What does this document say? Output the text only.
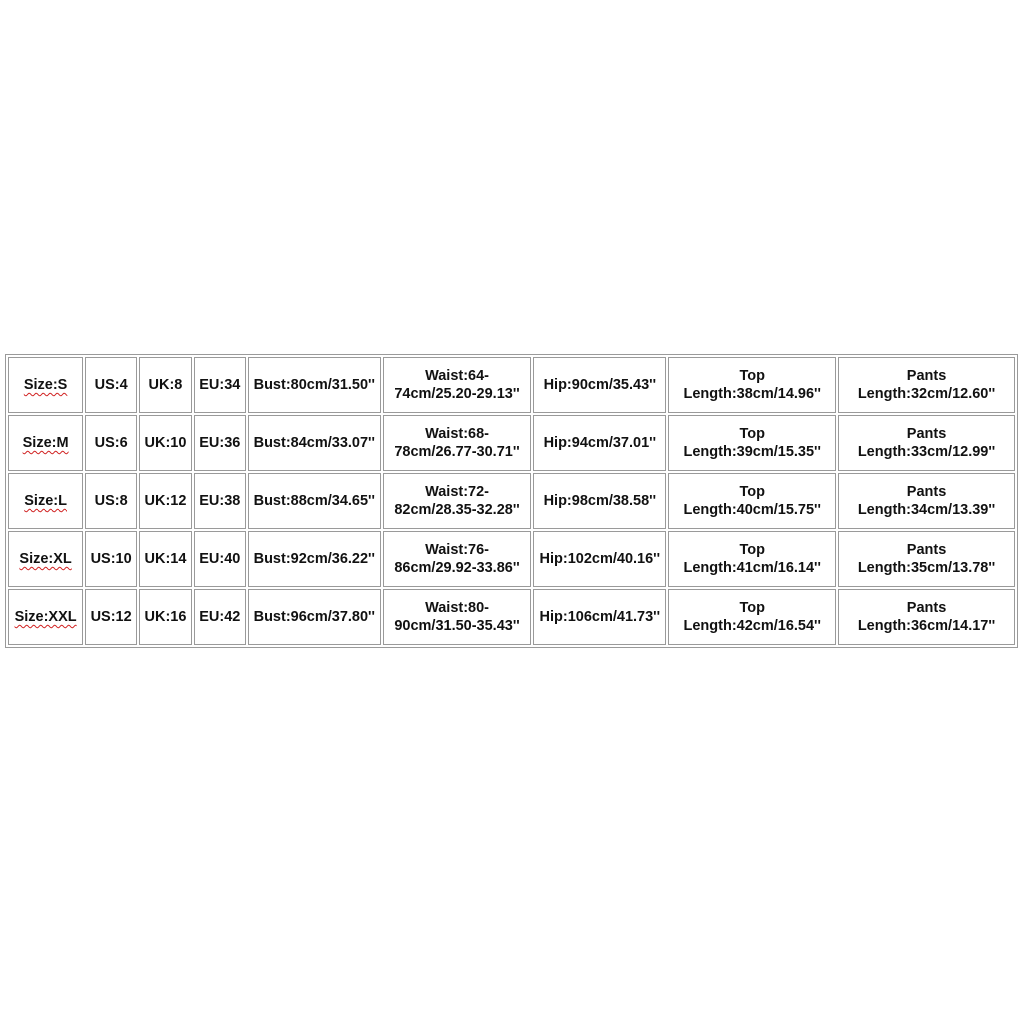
Size:S	US:4	UK:8	EU:34	Bust:80cm/31.50''	Waist:64-
74cm/25.20-29.13''	Hip:90cm/35.43''	Top
Length:38cm/14.96''	Pants
Length:32cm/12.60''

Size:M	US:6	UK:10	EU:36	Bust:84cm/33.07''	Waist:68-
78cm/26.77-30.71''	Hip:94cm/37.01''	Top
Length:39cm/15.35''	Pants
Length:33cm/12.99''

Size:L	US:8	UK:12	EU:38	Bust:88cm/34.65''	Waist:72-
82cm/28.35-32.28''	Hip:98cm/38.58''	Top
Length:40cm/15.75''	Pants
Length:34cm/13.39''

Size:XL	US:10	UK:14	EU:40	Bust:92cm/36.22''	Waist:76-
86cm/29.92-33.86''	Hip:102cm/40.16''	Top
Length:41cm/16.14''	Pants
Length:35cm/13.78''

Size:XXL	US:12	UK:16	EU:42	Bust:96cm/37.80''	Waist:80-
90cm/31.50-35.43''	Hip:106cm/41.73''	Top
Length:42cm/16.54''	Pants
Length:36cm/14.17''
